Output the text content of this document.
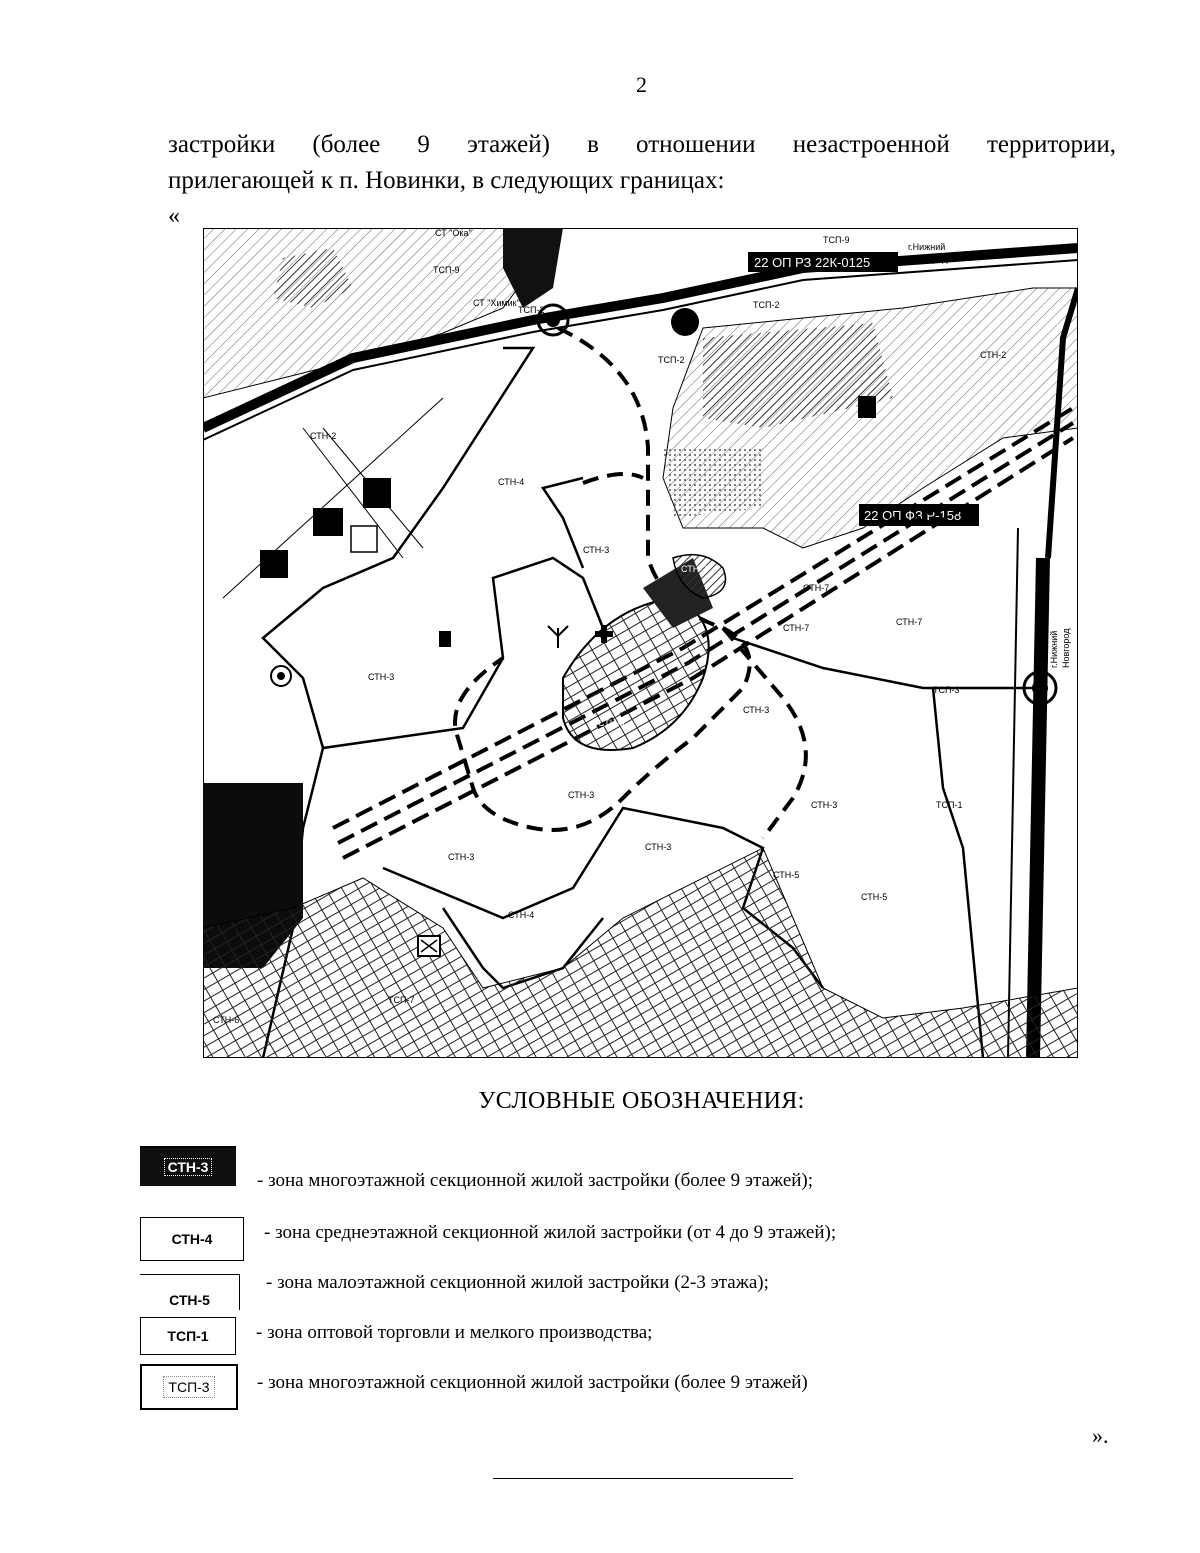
2
застройки (более 9 этажей) в отношении незастроенной территории,
прилегающей к п. Новинки, в следующих границах:
«
22 ОП РЗ 22К-0125
22 ОП ФЗ Р-158
СТН-4
СТН-4
СТН-3
СТН-3
СТН-3
СТН-3
СТН-3
СТН-3
СТН-3
СТН-7
СТН-7
СТН-7
СТН-5
СТН-5
СТН-2
СТН-2
ТСП-1
ТСП-3
ТСП-9
ТСП-9
ТСП-2
ТСП-2
ТСП-2
ТСП-7
СТН-6
СТ "Ока"
СТ "Химик"
г.Нижний
Новгород
СТН-3
СТН-3
г.Нижний Новгород
УСЛОВНЫЕ ОБОЗНАЧЕНИЯ:
СТН-3
- зона многоэтажной секционной жилой застройки (более 9 этажей);
СТН-4	- зона среднеэтажной секционной жилой застройки (от 4 до 9 этажей);
СТН-5
- зона малоэтажной секционной жилой застройки (2-3 этажа);
ТСП-1 - зона оптовой торговли и мелкого производства;
ТСП-3 - зона многоэтажной секционной жилой застройки (более 9 этажей)
».
